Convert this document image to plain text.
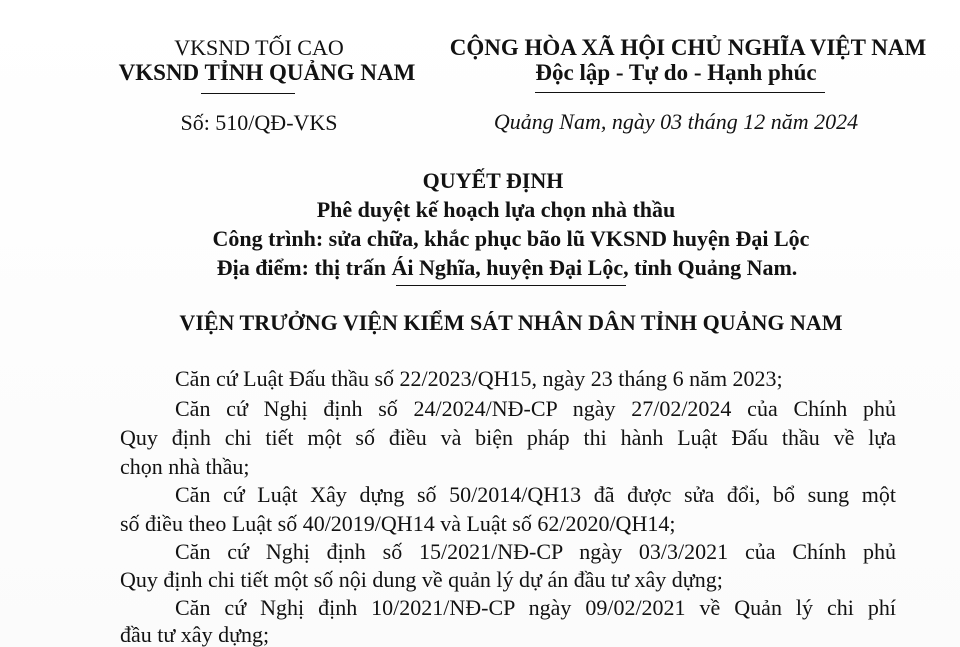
VKSND TỐI CAO
VKSND TỈNH QUẢNG NAM
Số: 510/QĐ-VKS
CỘNG HÒA XÃ HỘI CHỦ NGHĨA VIỆT NAM
Độc lập - Tự do - Hạnh phúc
Quảng Nam, ngày 03 tháng 12 năm 2024
QUYẾT ĐỊNH
Phê duyệt kế hoạch lựa chọn nhà thầu
Công trình: sửa chữa, khắc phục bão lũ VKSND huyện Đại Lộc
Địa điểm: thị trấn Ái Nghĩa, huyện Đại Lộc, tỉnh Quảng Nam.
VIỆN TRƯỞNG VIỆN KIỂM SÁT NHÂN DÂN TỈNH QUẢNG NAM
Căn cứ Luật Đấu thầu số 22/2023/QH15, ngày 23 tháng 6 năm 2023;
Căn cứ Nghị định số 24/2024/NĐ-CP ngày 27/02/2024 của Chính phủ
Quy định chi tiết một số điều và biện pháp thi hành Luật Đấu thầu về lựa
chọn nhà thầu;
Căn cứ Luật Xây dựng số 50/2014/QH13 đã được sửa đổi, bổ sung một
số điều theo Luật số 40/2019/QH14 và Luật số 62/2020/QH14;
Căn cứ Nghị định số 15/2021/NĐ-CP ngày 03/3/2021 của Chính phủ
Quy định chi tiết một số nội dung về quản lý dự án đầu tư xây dựng;
Căn cứ Nghị định 10/2021/NĐ-CP ngày 09/02/2021 về Quản lý chi phí
đầu tư xây dựng;
